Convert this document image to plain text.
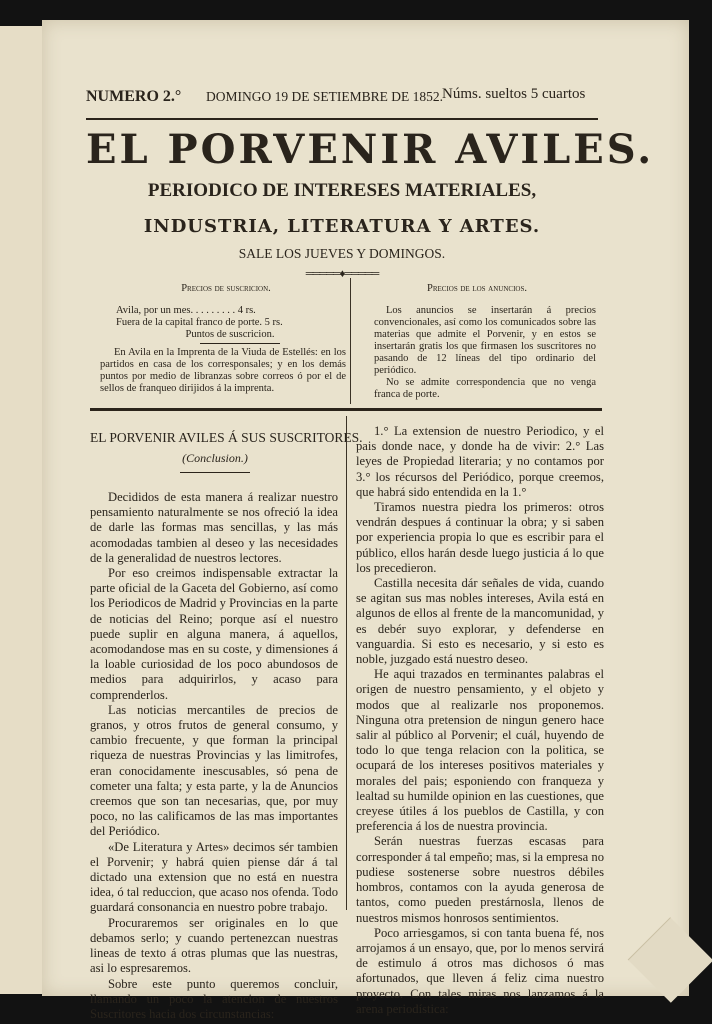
NUMERO 2.° DOMINGO 19 DE SETIEMBRE DE 1852. Núms. sueltos 5 cuartos
EL PORVENIR AVILES.
PERIODICO DE INTERESES MATERIALES,
INDUSTRIA, LITERATURA Y ARTES.
SALE LOS JUEVES Y DOMINGOS.
═════♦═════
Precios de suscricion.
Avila, por un mes. . . . . . . . . 4 rs.
Fuera de la capital franco de porte. 5 rs.
Puntos de suscricion.
En Avila en la Imprenta de la Viuda de Estellés: en los partidos en casa de los corresponsales; y en los demás puntos por medio de libranzas sobre correos ó por el de sellos de franqueo dirijidos á la imprenta.
Precios de los anuncios.
Los anuncios se insertarán á precios convencionales, así como los comunicados sobre las materias que admite el Porvenir, y en estos se insertarán gratis los que firmasen los suscritores no pasando de 12 líneas del tipo ordinario del periódico.
No se admite correspondencia que no venga franca de porte.
EL PORVENIR AVILES Á SUS SUSCRITORES.
(Conclusion.)

Decididos de esta manera á realizar nuestro pensamiento naturalmente se nos ofreció la idea de darle las formas mas sencillas, y las más acomodadas tambien al deseo y las necesidades de la generalidad de nuestros lectores.

Por eso creimos indispensable extractar la parte oficial de la Gaceta del Gobierno, así como los Periodicos de Madrid y Provincias en la parte de noticias del Reino; porque así el nuestro puede suplir en alguna manera, á aquellos, acomodandose mas en su coste, y dimensiones á la loable curiosidad de los poco abundosos de medios para adquirirlos, y acaso para comprenderlos.

Las noticias mercantiles de precios de granos, y otros frutos de general consumo, y cambio frecuente, y que forman la principal riqueza de nuestras Provincias y las limitrofes, eran conocidamente inescusables, só pena de cometer una falta; y esta parte, y la de Anuncios creemos que son tan necesarias, que, por muy poco, no las calificamos de las mas importantes del Periódico.

«De Literatura y Artes» decimos sér tambien el Porvenir; y habrá quien piense dár á tal dictado una extension que no está en nuestra idea, ó tal reduccion, que acaso nos ofenda. Todo guardará consonancia en nuestro pobre trabajo.

Procuraremos ser originales en lo que debamos serlo; y cuando pertenezcan nuestras lineas de texto á otras plumas que las nuestras, asi lo espresaremos.

Sobre este punto queremos concluir, llamando un poco la atencion de nuestros Suscritores hacia dos circunstancias:

1.° La extension de nuestro Periodico, y el pais donde nace, y donde ha de vivir: 2.° Las leyes de Propiedad literaria; y no contamos por 3.° los récursos del Periódico, porque creemos, que habrá sido entendida en la 1.°

Tiramos nuestra piedra los primeros: otros vendrán despues á continuar la obra; y si saben por experiencia propia lo que es escribir para el público, ellos harán desde luego justicia á lo que los precedieron.

Castilla necesita dár señales de vida, cuando se agitan sus mas nobles intereses, Avila está en algunos de ellos al frente de la mancomunidad, y es debér suyo explorar, y defenderse en vanguardia. Si esto es necesario, y si esto es noble, juzgado está nuestro deseo.

He aqui trazados en terminantes palabras el origen de nuestro pensamiento, y el objeto y modos que al realizarle nos proponemos. Ninguna otra pretension de ningun genero hace salir al público al Porvenir; el cuál, huyendo de todo lo que tenga relacion con la politica, se ocupará de los intereses positivos materiales y morales del pais; esponiendo con franqueza y lealtad su humilde opinion en las cuestiones, que creyese útiles á los pueblos de Castilla, y con preferencia á los de nuestra provincia.

Serán nuestras fuerzas escasas para corresponder á tal empeño; mas, si la empresa no pudiese sostenerse sobre nuestros débiles hombros, contamos con la ayuda generosa de tantos, como pueden prestárnosla, llenos de nuestros mismos honrosos sentimientos.

Poco arriesgamos, si con tanta buena fé, nos arrojamos á un ensayo, que, por lo menos servirá de estimulo á otros mas dichosos ó mas afortunados, que lleven á feliz cima nuestro proyecto. Con tales miras nos lanzamos á la arena periodística:
